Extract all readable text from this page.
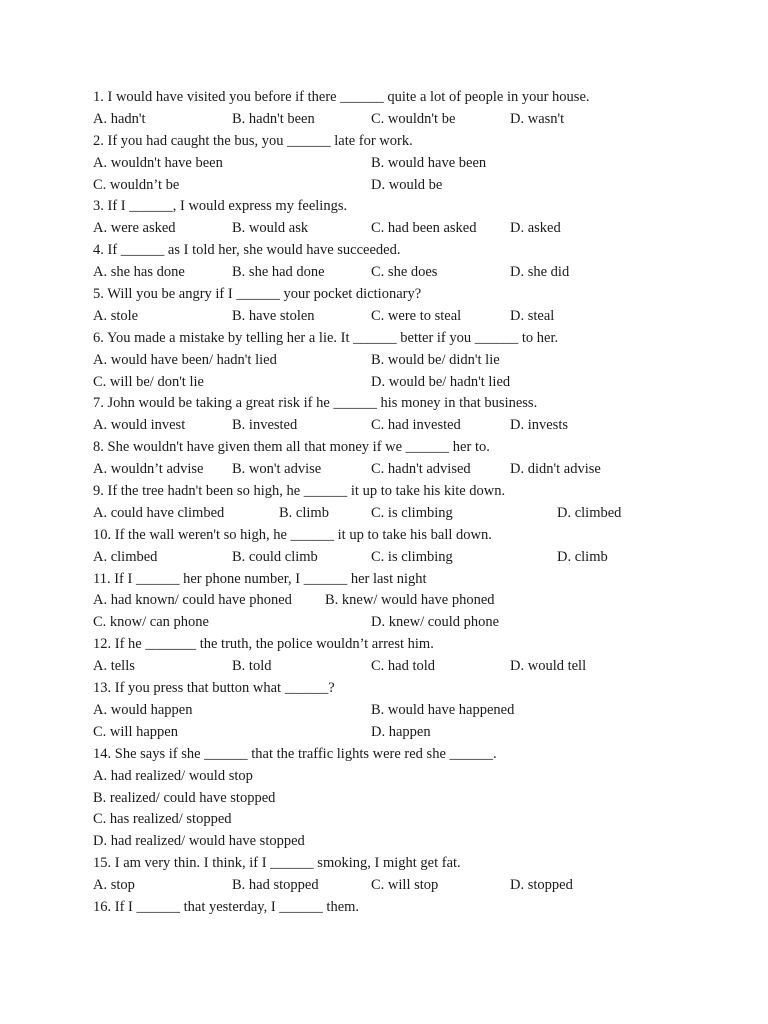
1. I would have visited you before if there ______ quite a lot of people in your house.
A. hadn't	B. hadn't been	C. wouldn't be	D. wasn't
2. If you had caught the bus, you ______ late for work.
A. wouldn't have been	B. would have been
C. wouldn’t be	D. would be
3. If I ______, I would express my feelings.
A. were asked	B. would ask	C. had been asked D. asked
4. If ______ as I told her, she would have succeeded.
A. she has done	B. she had done	C. she does	D. she did
5. Will you be angry if I ______ your pocket dictionary?
A. stole	B. have stolen	C. were to steal	D. steal
6. You made a mistake by telling her a lie. It ______ better if you ______ to her.
A. would have been/ hadn't lied	B. would be/ didn't lie
C. will be/ don't lie	D. would be/ hadn't lied
7. John would be taking a great risk if he ______ his money in that business.
A. would invest	B. invested	C. had invested	D. invests
8. She wouldn't have given them all that money if we ______ her to.
A. wouldn’t advise B. won't advise	C. hadn't advised	D. didn't advise
9. If the tree hadn't been so high, he ______ it up to take his kite down.
A. could have climbed	B. climb	C. is climbing	D. climbed
10. If the wall weren't so high, he ______ it up to take his ball down.
A. climbed	B. could climb	C. is climbing	D. climb
11. If I ______ her phone number, I ______ her last night
A. had known/ could have phoned B. knew/ would have phoned
C. know/ can phone	D. knew/ could phone
12. If he _______ the truth, the police wouldn’t arrest him.
A. tells	B. told	C. had told	D. would tell
13. If you press that button what ______?
A. would happen	B. would have happened
C. will happen	D. happen
14. She says if she ______ that the traffic lights were red she ______.
A. had realized/ would stop
B. realized/ could have stopped
C. has realized/ stopped
D. had realized/ would have stopped
15. I am very thin. I think, if I ______ smoking, I might get fat.
A. stop	B. had stopped	C. will stop	D. stopped
16. If I ______ that yesterday, I ______ them.
